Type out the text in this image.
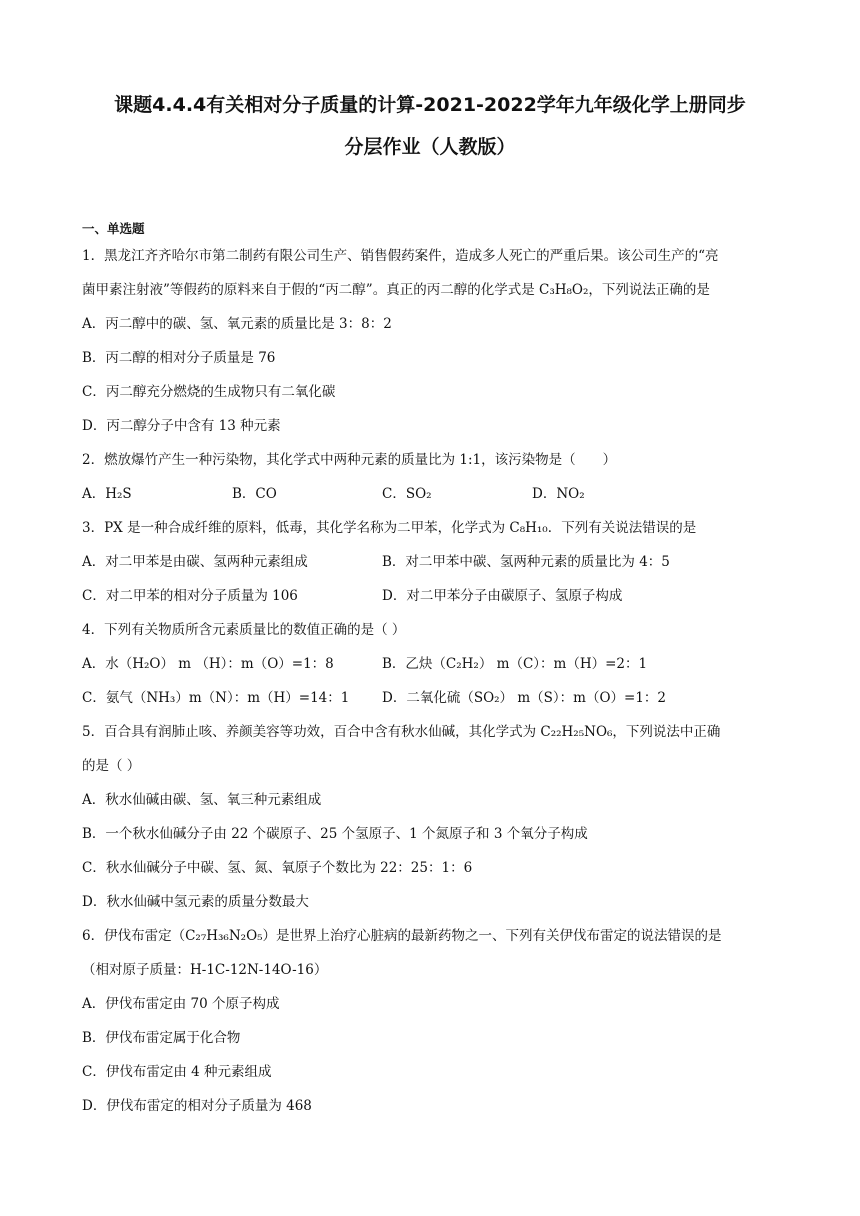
课题4.4.4有关相对分子质量的计算-2021-2022学年九年级化学上册同步
分层作业（人教版）
一、单选题
1．黑龙江齐齐哈尔市第二制药有限公司生产、销售假药案件，造成多人死亡的严重后果。该公司生产的“亮
菌甲素注射液”等假药的原料来自于假的“丙二醇”。真正的丙二醇的化学式是 C₃H₈O₂，下列说法正确的是
A．丙二醇中的碳、氢、氧元素的质量比是 3：8：2
B．丙二醇的相对分子质量是 76
C．丙二醇充分燃烧的生成物只有二氧化碳
D．丙二醇分子中含有 13 种元素
2．燃放爆竹产生一种污染物，其化学式中两种元素的质量比为 1:1，该污染物是（　　）
A．H₂S	B．CO	C．SO₂	D．NO₂
3．PX 是一种合成纤维的原料，低毒，其化学名称为二甲苯，化学式为 C₈H₁₀．下列有关说法错误的是
A．对二甲苯是由碳、氢两种元素组成	B．对二甲苯中碳、氢两种元素的质量比为 4：5
C．对二甲苯的相对分子质量为 106	D．对二甲苯分子由碳原子、氢原子构成
4．下列有关物质所含元素质量比的数值正确的是（ ）
A．水（H₂O） m （H）：m（O）=1：8	B．乙炔（C₂H₂） m（C）：m（H）=2：1
C．氨气（NH₃）m（N）：m（H）=14：1 D．二氧化硫（SO₂） m（S）：m（O）=1：2
5．百合具有润肺止咳、养颜美容等功效，百合中含有秋水仙碱，其化学式为 C₂₂H₂₅NO₆，下列说法中正确
的是（ ）
A．秋水仙碱由碳、氢、氧三种元素组成
B．一个秋水仙碱分子由 22 个碳原子、25 个氢原子、1 个氮原子和 3 个氧分子构成
C．秋水仙碱分子中碳、氢、氮、氧原子个数比为 22：25：1：6
D．秋水仙碱中氢元素的质量分数最大
6．伊伐布雷定（C₂₇H₃₆N₂O₅）是世界上治疗心脏病的最新药物之一、下列有关伊伐布雷定的说法错误的是
（相对原子质量：H-1C-12N-14O-16）
A．伊伐布雷定由 70 个原子构成
B．伊伐布雷定属于化合物
C．伊伐布雷定由 4 种元素组成
D．伊伐布雷定的相对分子质量为 468
